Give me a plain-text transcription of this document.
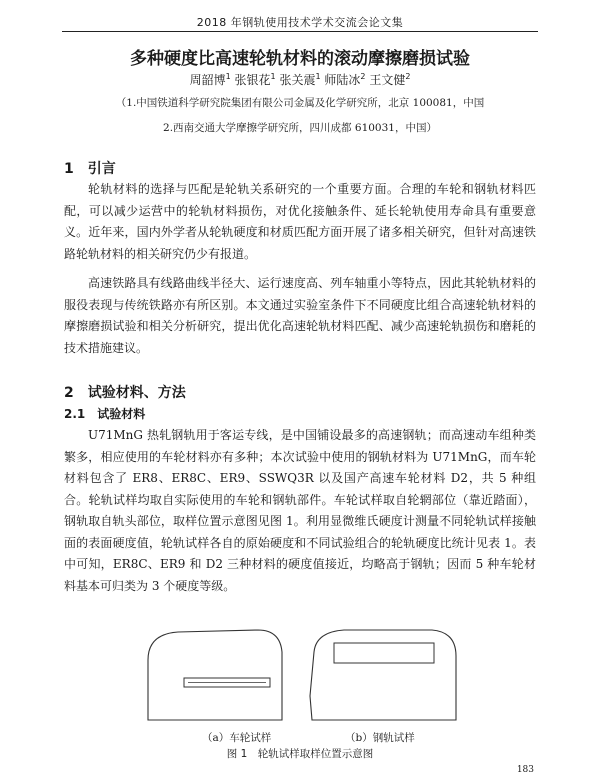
2018 年钢轨使用技术学术交流会论文集
多种硬度比高速轮轨材料的滚动摩擦磨损试验
周韶博$^1$ 张银花$^1$ 张关震$^1$ 师陆冰$^2$ 王文健$^2$
（1.中国铁道科学研究院集团有限公司金属及化学研究所，北京 100081，中国
2.西南交通大学摩擦学研究所，四川成都 610031，中国）
1　引言
轮轨材料的选择与匹配是轮轨关系研究的一个重要方面。合理的车轮和钢轨材料匹配，可以减少运营中的轮轨材料损伤，对优化接触条件、延长轮轨使用寿命具有重要意义。近年来，国内外学者从轮轨硬度和材质匹配方面开展了诸多相关研究，但针对高速铁路轮轨材料的相关研究仍少有报道。
高速铁路具有线路曲线半径大、运行速度高、列车轴重小等特点，因此其轮轨材料的服役表现与传统铁路亦有所区别。本文通过实验室条件下不同硬度比组合高速轮轨材料的摩擦磨损试验和相关分析研究，提出优化高速轮轨材料匹配、减少高速轮轨损伤和磨耗的技术措施建议。
2　试验材料、方法
2.1　试验材料
U71MnG 热轧钢轨用于客运专线，是中国铺设最多的高速钢轨；而高速动车组种类繁多，相应使用的车轮材料亦有多种；本次试验中使用的钢轨材料为 U71MnG，而车轮材料包含了 ER8、ER8C、ER9、SSWQ3R 以及国产高速车轮材料 D2，共 5 种组合。轮轨试样均取自实际使用的车轮和钢轨部件。车轮试样取自轮辋部位（靠近踏面），钢轨取自轨头部位，取样位置示意图见图 1。利用显微维氏硬度计测量不同轮轨试样接触面的表面硬度值，轮轨试样各自的原始硬度和不同试验组合的轮轨硬度比统计见表 1。表中可知，ER8C、ER9 和 D2 三种材料的硬度值接近，均略高于钢轨；因而 5 种车轮材料基本可归类为 3 个硬度等级。
（a）车轮试样	（b）钢轨试样
图 1　轮轨试样取样位置示意图
183
